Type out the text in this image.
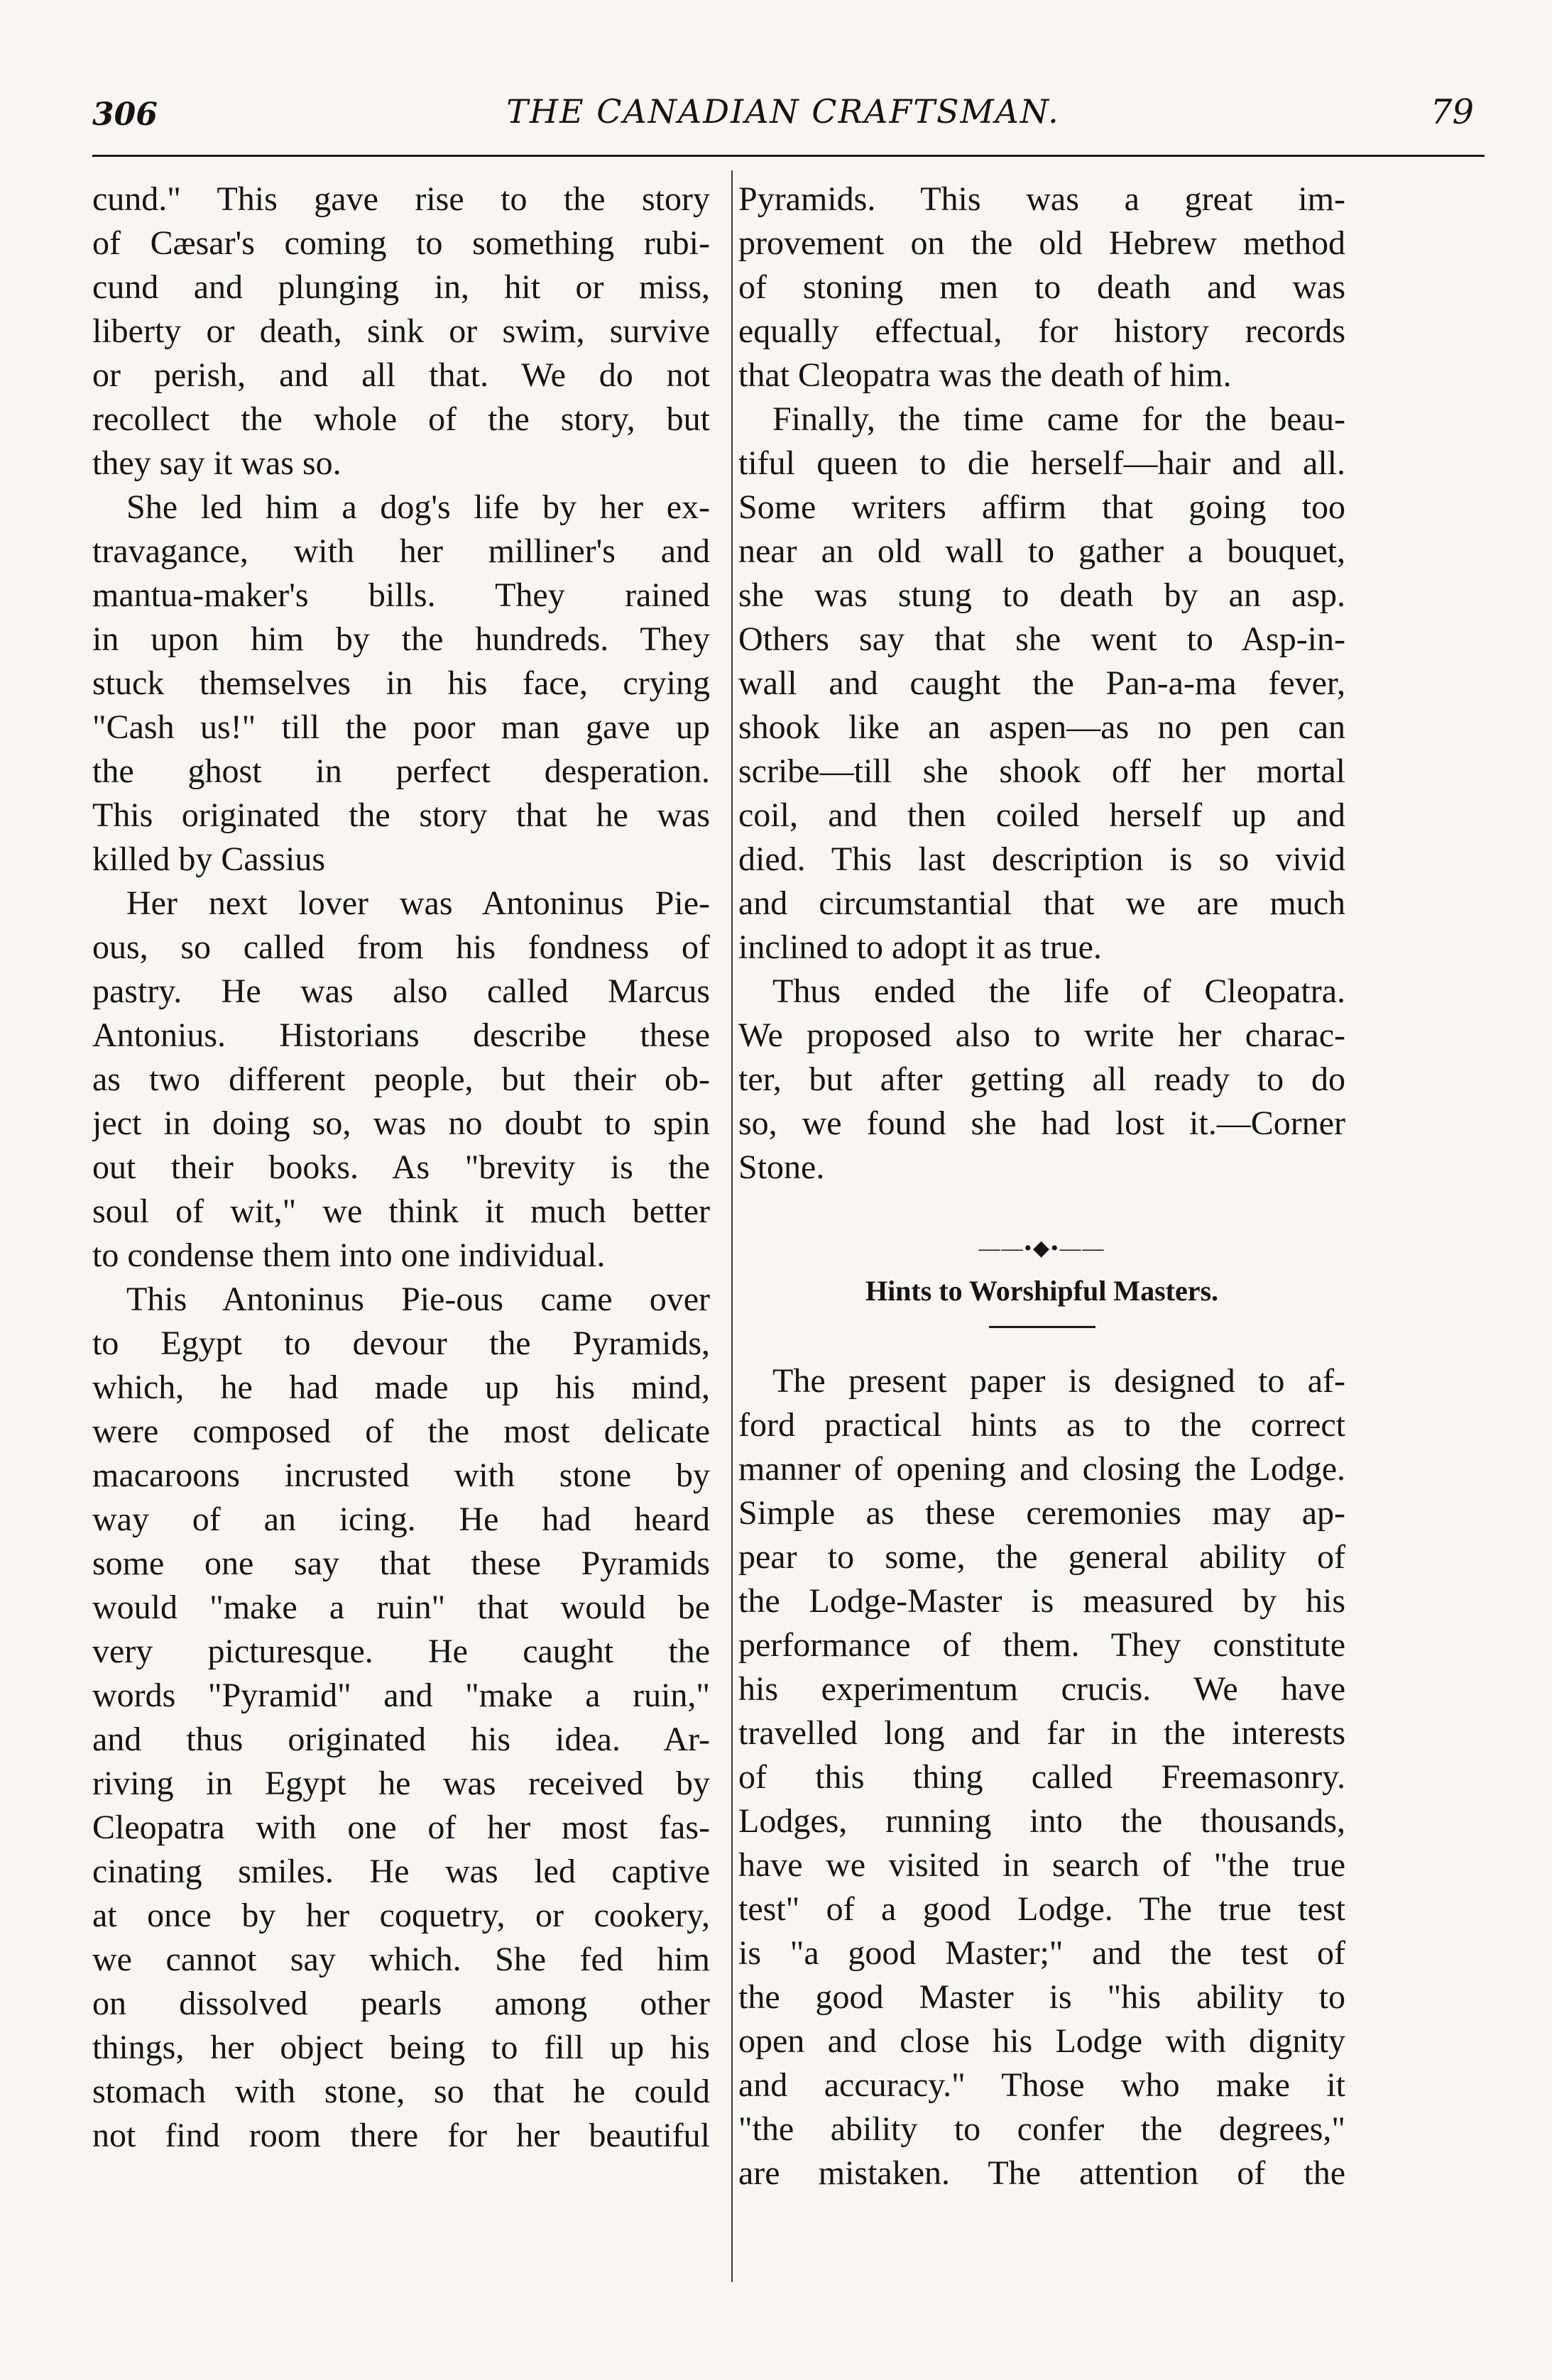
306	THE CANADIAN CRAFTSMAN.	79
cund." This gave rise to the story
of Cæsar's coming to something rubi-
cund and plunging in, hit or miss,
liberty or death, sink or swim, survive
or perish, and all that. We do not
recollect the whole of the story, but
they say it was so.
She led him a dog's life by her ex-
travagance, with her milliner's and
mantua-maker's bills. They rained
in upon him by the hundreds. They
stuck themselves in his face, crying
"Cash us!" till the poor man gave up
the ghost in perfect desperation.
This originated the story that he was
killed by Cassius
Her next lover was Antoninus Pie-
ous, so called from his fondness of
pastry. He was also called Marcus
Antonius. Historians describe these
as two different people, but their ob-
ject in doing so, was no doubt to spin
out their books. As "brevity is the
soul of wit," we think it much better
to condense them into one individual.
This Antoninus Pie-ous came over
to Egypt to devour the Pyramids,
which, he had made up his mind,
were composed of the most delicate
macaroons incrusted with stone by
way of an icing. He had heard
some one say that these Pyramids
would "make a ruin" that would be
very picturesque. He caught the
words "Pyramid" and "make a ruin,"
and thus originated his idea. Ar-
riving in Egypt he was received by
Cleopatra with one of her most fas-
cinating smiles. He was led captive
at once by her coquetry, or cookery,
we cannot say which. She fed him
on dissolved pearls among other
things, her object being to fill up his
stomach with stone, so that he could
not find room there for her beautiful
Pyramids. This was a great im-
provement on the old Hebrew method
of stoning men to death and was
equally effectual, for history records
that Cleopatra was the death of him.
Finally, the time came for the beau-
tiful queen to die herself—hair and all.
Some writers affirm that going too
near an old wall to gather a bouquet,
she was stung to death by an asp.
Others say that she went to Asp-in-
wall and caught the Pan-a-ma fever,
shook like an aspen—as no pen can
scribe—till she shook off her mortal
coil, and then coiled herself up and
died. This last description is so vivid
and circumstantial that we are much
inclined to adopt it as true.
Thus ended the life of Cleopatra.
We proposed also to write her charac-
ter, but after getting all ready to do
so, we found she had lost it.—Corner
Stone.
——•◆•——
Hints to Worshipful Masters.
The present paper is designed to af-
ford practical hints as to the correct
manner of opening and closing the Lodge.
Simple as these ceremonies may ap-
pear to some, the general ability of
the Lodge-Master is measured by his
performance of them. They constitute
his experimentum crucis. We have
travelled long and far in the interests
of this thing called Freemasonry.
Lodges, running into the thousands,
have we visited in search of "the true
test" of a good Lodge. The true test
is "a good Master;" and the test of
the good Master is "his ability to
open and close his Lodge with dignity
and accuracy." Those who make it
"the ability to confer the degrees,"
are mistaken. The attention of the
